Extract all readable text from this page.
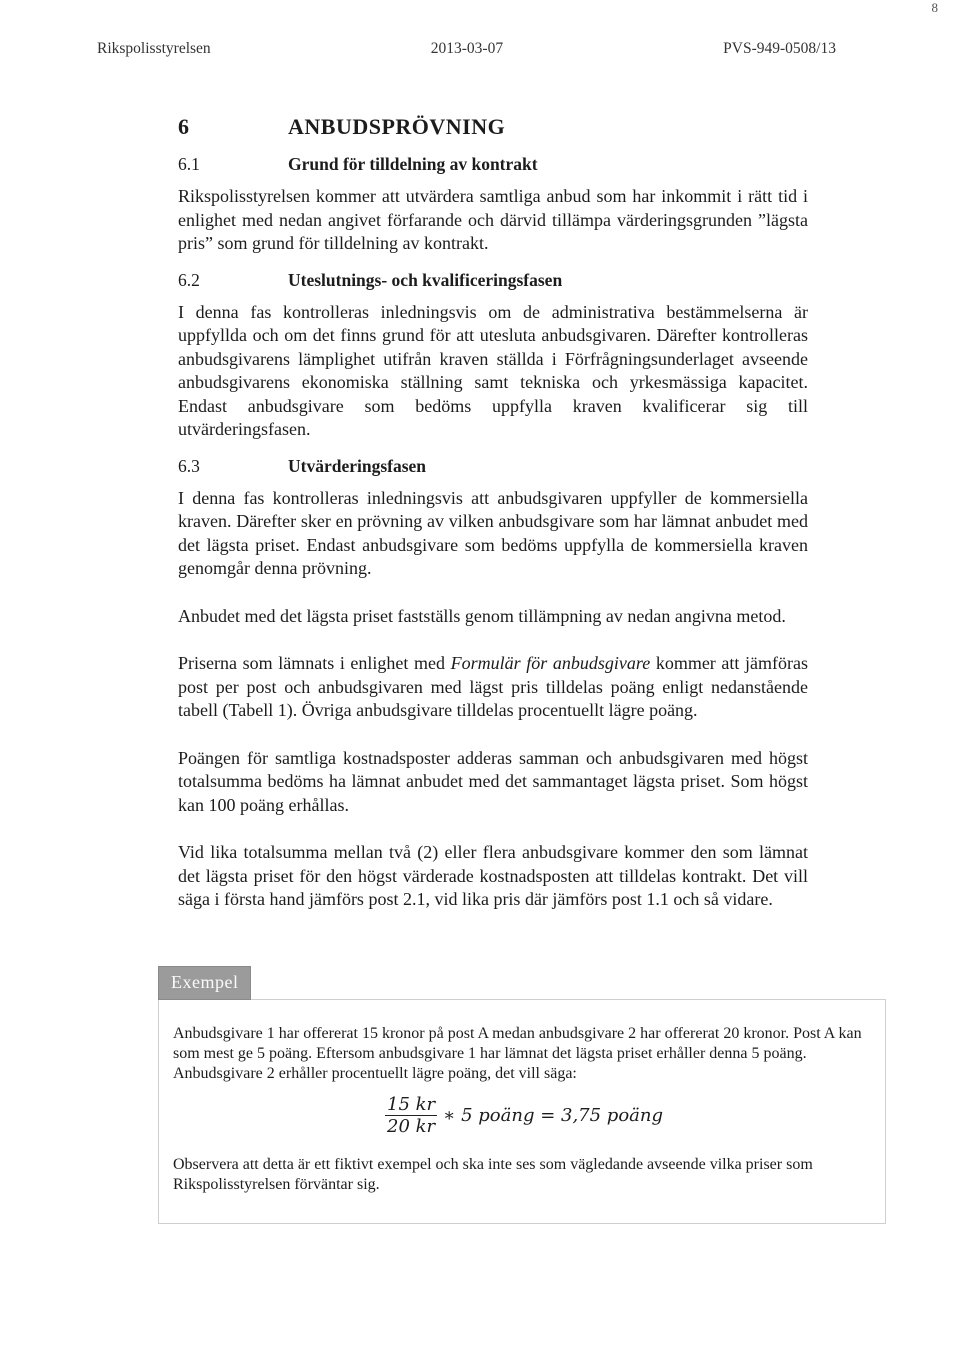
8
Rikspolisstyrelsen	2013-03-07	PVS-949-0508/13
6	ANBUDSPRÖVNING
6.1	Grund för tilldelning av kontrakt

Rikspolisstyrelsen kommer att utvärdera samtliga anbud som har inkommit i rätt tid i enlighet med nedan angivet förfarande och därvid tillämpa värderingsgrunden ”lägsta pris” som grund för tilldelning av kontrakt.

6.2	Uteslutnings- och kvalificeringsfasen

I denna fas kontrolleras inledningsvis om de administrativa bestämmelserna är uppfyllda och om det finns grund för att utesluta anbudsgivaren. Därefter kontrolleras anbudsgivarens lämplighet utifrån kraven ställda i Förfrågningsunderlaget avseende anbudsgivarens ekonomiska ställning samt tekniska och yrkesmässiga kapacitet. Endast anbudsgivare som bedöms uppfylla kraven kvalificerar sig till utvärderingsfasen.

6.3	Utvärderingsfasen

I denna fas kontrolleras inledningsvis att anbudsgivaren uppfyller de kommersiella kraven. Därefter sker en prövning av vilken anbudsgivare som har lämnat anbudet med det lägsta priset. Endast anbudsgivare som bedöms uppfylla de kommersiella kraven genomgår denna prövning.

Anbudet med det lägsta priset fastställs genom tillämpning av nedan angivna metod.

Priserna som lämnats i enlighet med Formulär för anbudsgivare kommer att jämföras post per post och anbudsgivaren med lägst pris tilldelas poäng enligt nedanstående tabell (Tabell 1). Övriga anbudsgivare tilldelas procentuellt lägre poäng.

Poängen för samtliga kostnadsposter adderas samman och anbudsgivaren med högst totalsumma bedöms ha lämnat anbudet med det sammantaget lägsta priset. Som högst kan 100 poäng erhållas.

Vid lika totalsumma mellan två (2) eller flera anbudsgivare kommer den som lämnat det lägsta priset för den högst värderade kostnadsposten att tilldelas kontrakt. Det vill säga i första hand jämförs post 2.1, vid lika pris där jämförs post 1.1 och så vidare.

Exempel

Anbudsgivare 1 har offererat 15 kronor på post A medan anbudsgivare 2 har offererat 20 kronor. Post A kan som mest ge 5 poäng. Eftersom anbudsgivare 1 har lämnat det lägsta priset erhåller denna 5 poäng. Anbudsgivare 2 erhåller procentuellt lägre poäng, det vill säga:

$\frac{15 kr}{20 kr}$ ∗ 5 poäng = 3,75 poäng

Observera att detta är ett fiktivt exempel och ska inte ses som vägledande avseende vilka priser som Rikspolisstyrelsen förväntar sig.
